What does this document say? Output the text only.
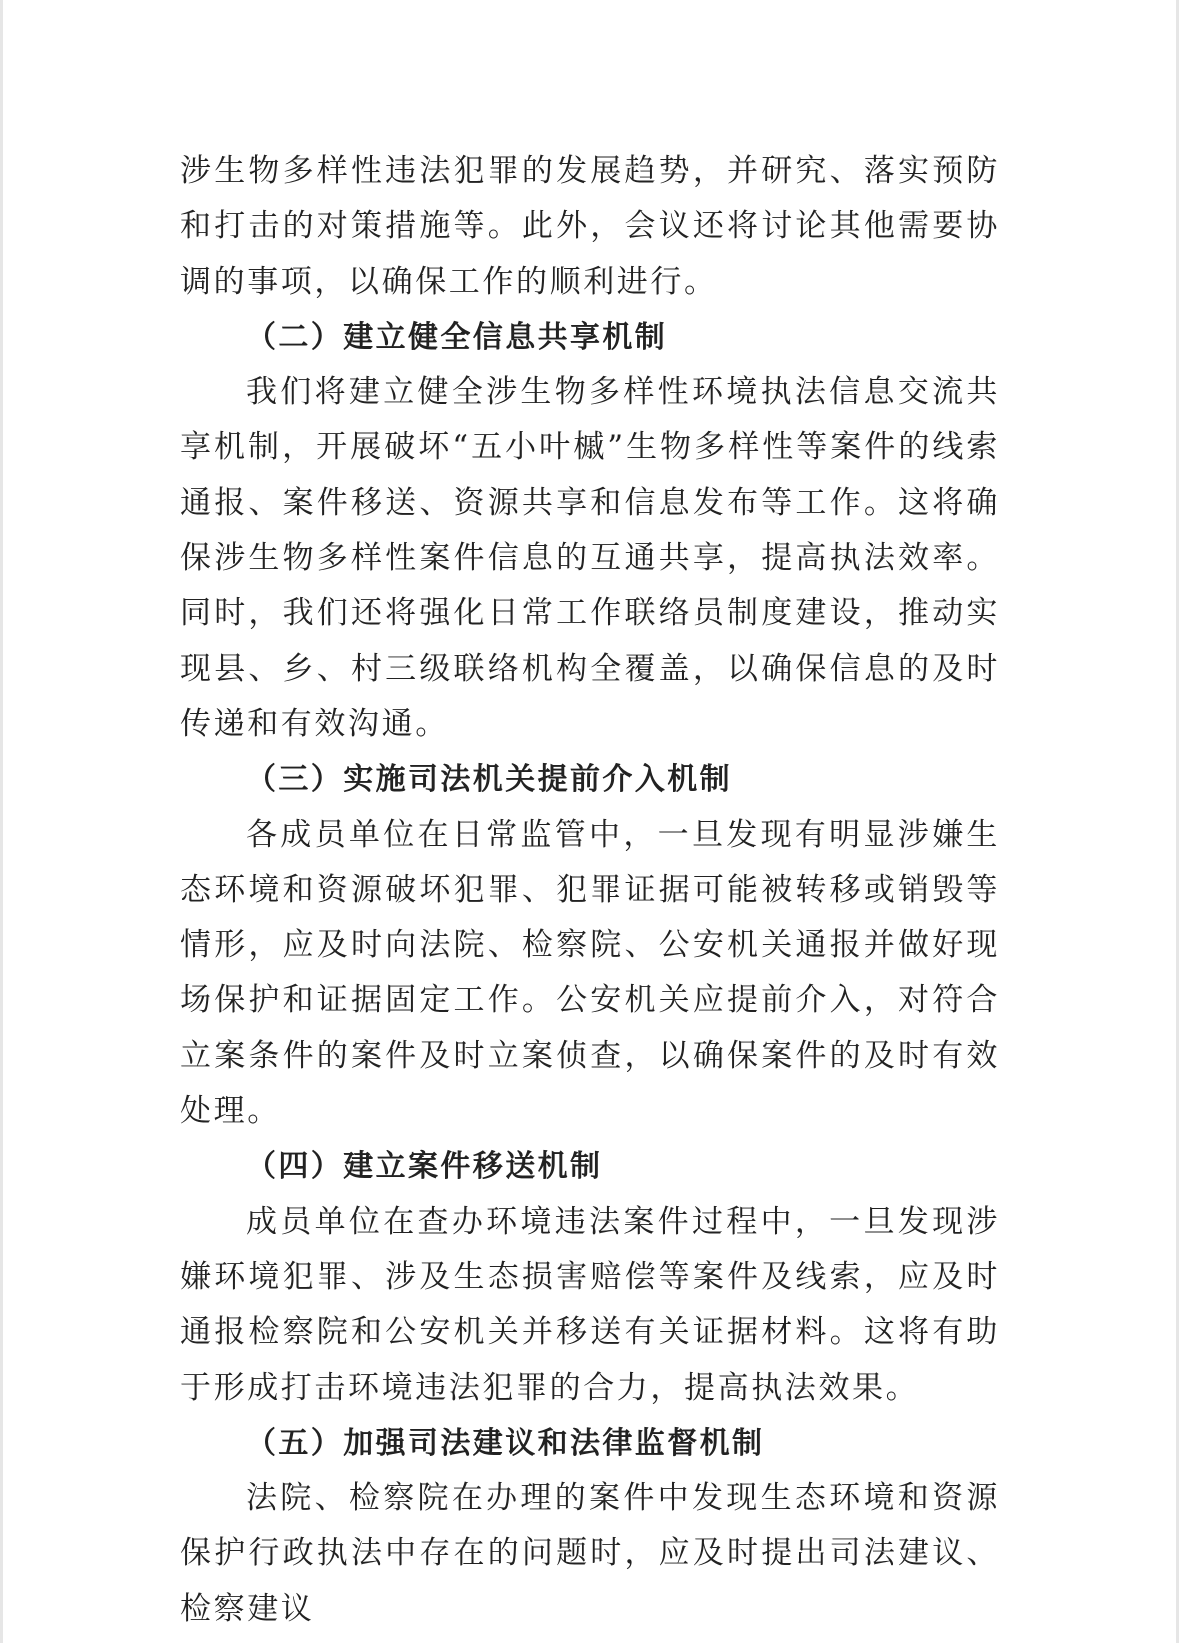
涉生物多样性违法犯罪的发展趋势，并研究、落实预防和打击的对策措施等。此外，会议还将讨论其他需要协调的事项，以确保工作的顺利进行。

（二）建立健全信息共享机制

我们将建立健全涉生物多样性环境执法信息交流共享机制，开展破坏“五小叶槭”生物多样性等案件的线索通报、案件移送、资源共享和信息发布等工作。这将确保涉生物多样性案件信息的互通共享，提高执法效率。同时，我们还将强化日常工作联络员制度建设，推动实现县、乡、村三级联络机构全覆盖，以确保信息的及时传递和有效沟通。

（三）实施司法机关提前介入机制

各成员单位在日常监管中，一旦发现有明显涉嫌生态环境和资源破坏犯罪、犯罪证据可能被转移或销毁等情形，应及时向法院、检察院、公安机关通报并做好现场保护和证据固定工作。公安机关应提前介入，对符合立案条件的案件及时立案侦查，以确保案件的及时有效处理。

（四）建立案件移送机制

成员单位在查办环境违法案件过程中，一旦发现涉嫌环境犯罪、涉及生态损害赔偿等案件及线索，应及时通报检察院和公安机关并移送有关证据材料。这将有助于形成打击环境违法犯罪的合力，提高执法效果。

（五）加强司法建议和法律监督机制

法院、检察院在办理的案件中发现生态环境和资源保护行政执法中存在的问题时，应及时提出司法建议、检察建议
